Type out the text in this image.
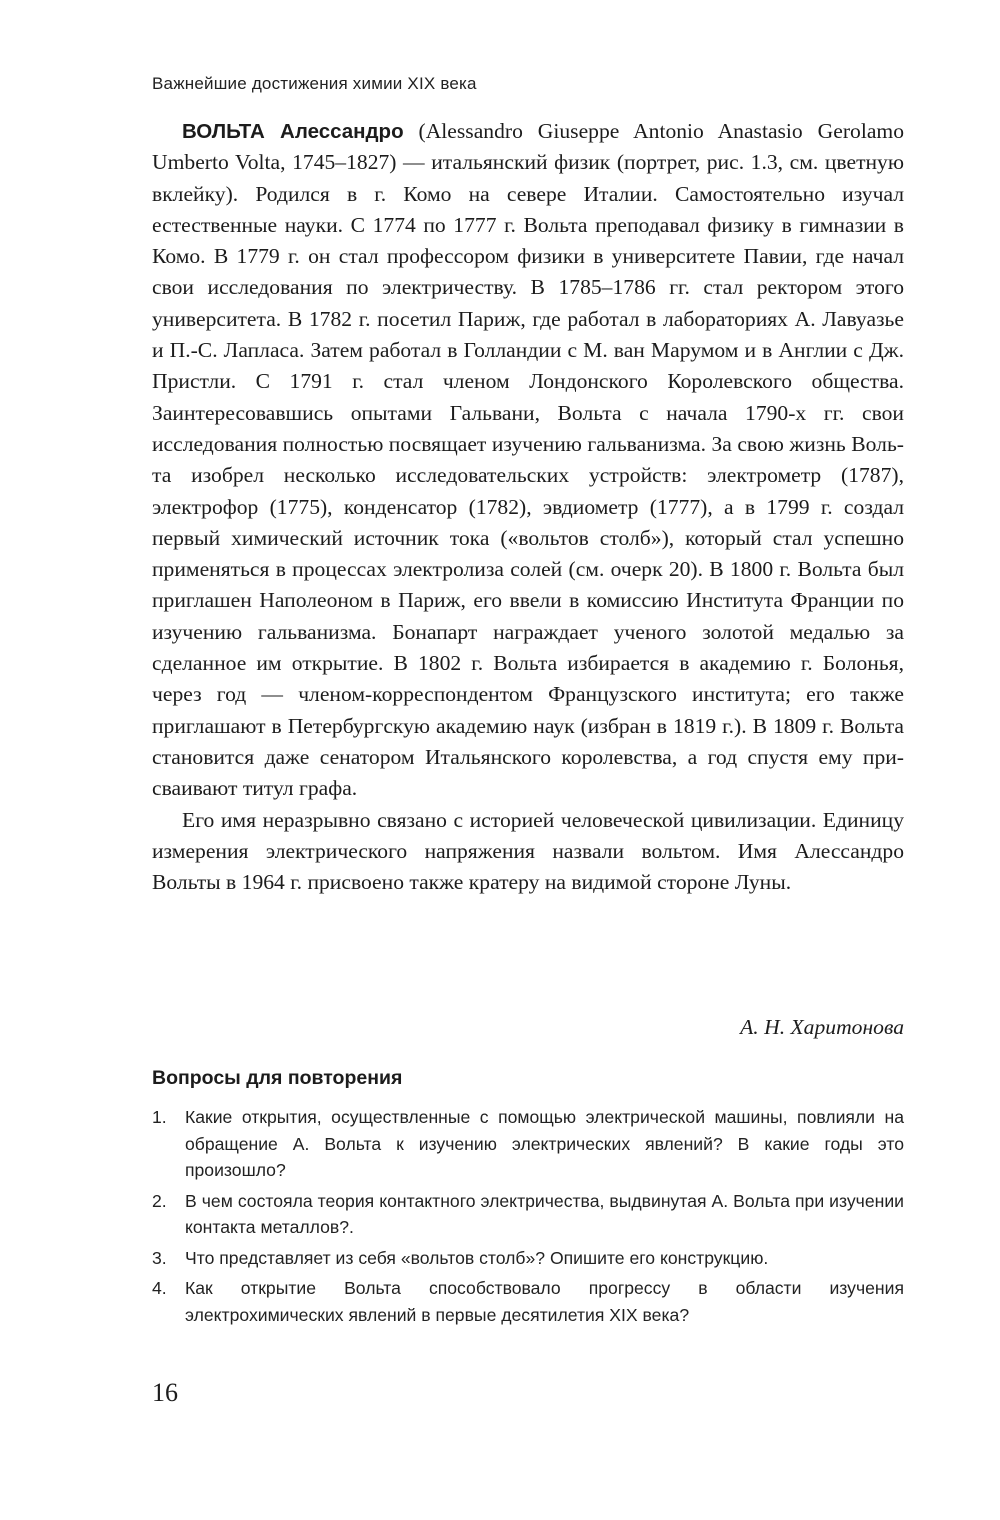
Важнейшие достижения химии XIX века

ВОЛЬТА Алессандро (Alessandro Giuseppe Antonio Anastasio Gerolamo Umberto Volta, 1745–1827) — итальянский физик (портрет, рис. 1.3, см. цветную вклейку). Родился в г. Комо на севере Италии. Самостоятельно изучал естественные науки. С 1774 по 1777 г. Вольта преподавал физику в гимназии в Комо. В 1779 г. он стал профессором физики в университете Павии, где начал свои исследования по электричеству. В 1785–1786 гг. стал ректором этого университета. В 1782 г. посетил Париж, где работал в лабораториях А. Лавуазье и П.-С. Лапласа. Затем работал в Голландии с М. ван Марумом и в Англии с Дж. Пристли. С 1791 г. стал членом Лондонского Королевского общества. Заинтересовавшись опытами Гальвани, Вольта с начала 1790-х гг. свои исследования полностью посвящает изучению гальванизма. За свою жизнь Вольта изобрел несколько исследовательских устройств: электрометр (1787), электрофор (1775), конденсатор (1782), эвдиометр (1777), а в 1799 г. создал первый химический источник тока («вольтов столб»), который стал успешно применяться в процессах электролиза солей (см. очерк 20). В 1800 г. Вольта был приглашен Наполеоном в Париж, его ввели в комиссию Института Франции по изучению гальванизма. Бонапарт награждает ученого золотой медалью за сделанное им открытие. В 1802 г. Вольта избирается в академию г. Болонья, через год — членом-корреспондентом Французского института; его также приглашают в Петербургскую академию наук (избран в 1819 г.). В 1809 г. Вольта становится даже сенатором Итальянского королевства, а год спустя ему присваивают титул графа.

Его имя неразрывно связано с историей человеческой цивилизации. Единицу измерения электрического напряжения назвали вольтом. Имя Алессандро Вольты в 1964 г. присвоено также кратеру на видимой стороне Луны.

А. Н. Харитонова
Вопросы для повторения
1. Какие открытия, осуществленные с помощью электрической машины, повлияли на обращение А. Вольта к изучению электрических явлений? В какие годы это произошло?
2. В чем состояла теория контактного электричества, выдвинутая А. Вольта при изучении контакта металлов?.
3. Что представляет из себя «вольтов столб»? Опишите его конструкцию.
4. Как открытие Вольта способствовало прогрессу в области изучения электрохимических явлений в первые десятилетия XIX века?
16
